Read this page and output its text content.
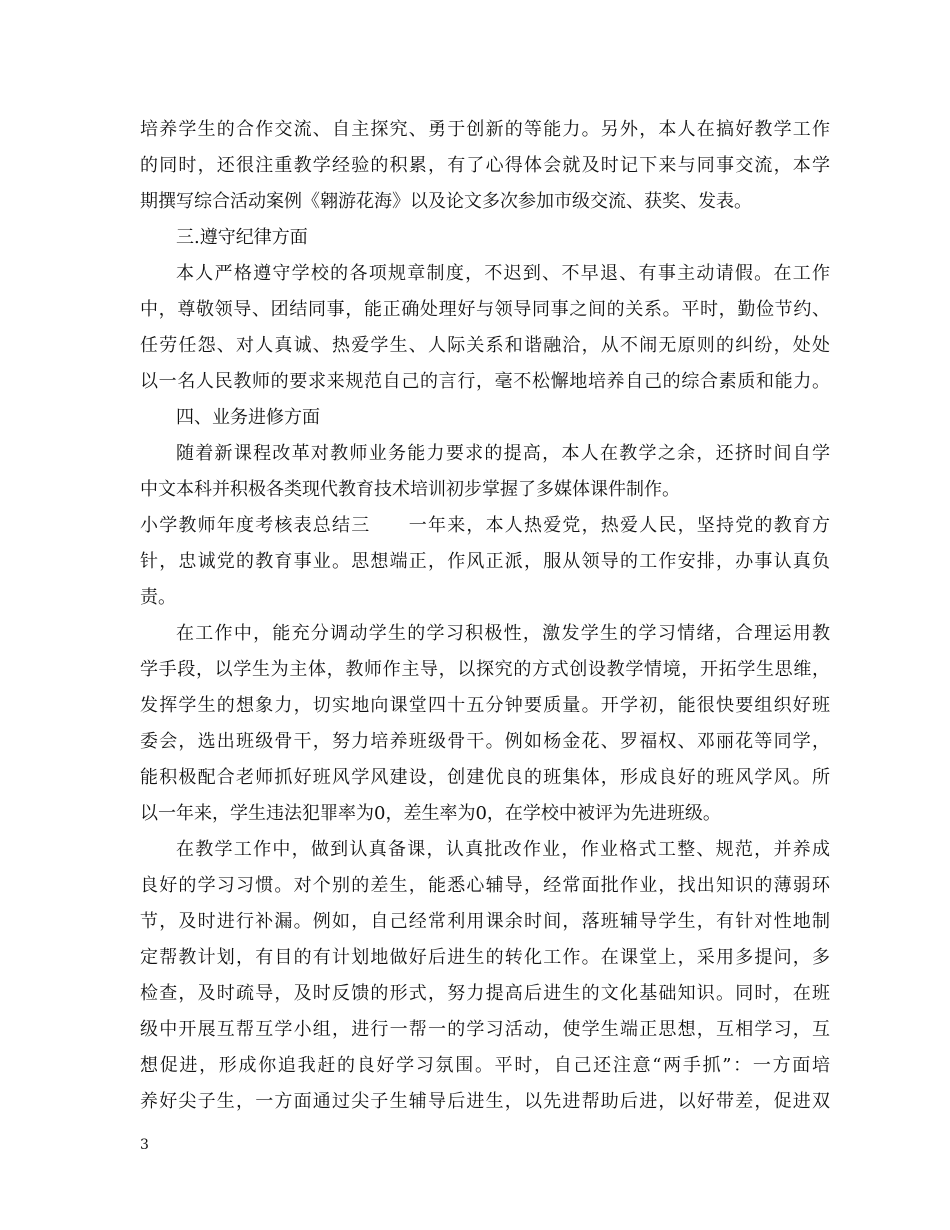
培养学生的合作交流、自主探究、勇于创新的等能力。另外，本人在搞好教学工作
的同时，还很注重教学经验的积累，有了心得体会就及时记下来与同事交流，本学
期撰写综合活动案例《翱游花海》以及论文多次参加市级交流、获奖、发表。
三.遵守纪律方面
本人严格遵守学校的各项规章制度，不迟到、不早退、有事主动请假。在工作
中，尊敬领导、团结同事，能正确处理好与领导同事之间的关系。平时，勤俭节约、
任劳任怨、对人真诚、热爱学生、人际关系和谐融洽，从不闹无原则的纠纷，处处
以一名人民教师的要求来规范自己的言行，毫不松懈地培养自己的综合素质和能力。
四、业务进修方面
随着新课程改革对教师业务能力要求的提高，本人在教学之余，还挤时间自学
中文本科并积极各类现代教育技术培训初步掌握了多媒体课件制作。
小学教师年度考核表总结三　　一年来，本人热爱党，热爱人民，坚持党的教育方
针，忠诚党的教育事业。思想端正，作风正派，服从领导的工作安排，办事认真负
责。
在工作中，能充分调动学生的学习积极性，激发学生的学习情绪，合理运用教
学手段，以学生为主体，教师作主导，以探究的方式创设教学情境，开拓学生思维，
发挥学生的想象力，切实地向课堂四十五分钟要质量。开学初，能很快要组织好班
委会，选出班级骨干，努力培养班级骨干。例如杨金花、罗福权、邓丽花等同学，
能积极配合老师抓好班风学风建设，创建优良的班集体，形成良好的班风学风。所
以一年来，学生违法犯罪率为0，差生率为0，在学校中被评为先进班级。
在教学工作中，做到认真备课，认真批改作业，作业格式工整、规范，并养成
良好的学习习惯。对个别的差生，能悉心辅导，经常面批作业，找出知识的薄弱环
节，及时进行补漏。例如，自己经常利用课余时间，落班辅导学生，有针对性地制
定帮教计划，有目的有计划地做好后进生的转化工作。在课堂上，采用多提问，多
检查，及时疏导，及时反馈的形式，努力提高后进生的文化基础知识。同时，在班
级中开展互帮互学小组，进行一帮一的学习活动，使学生端正思想，互相学习，互
想促进，形成你追我赶的良好学习氛围。平时，自己还注意“两手抓”：一方面培
养好尖子生，一方面通过尖子生辅导后进生，以先进帮助后进，以好带差，促进双
3
